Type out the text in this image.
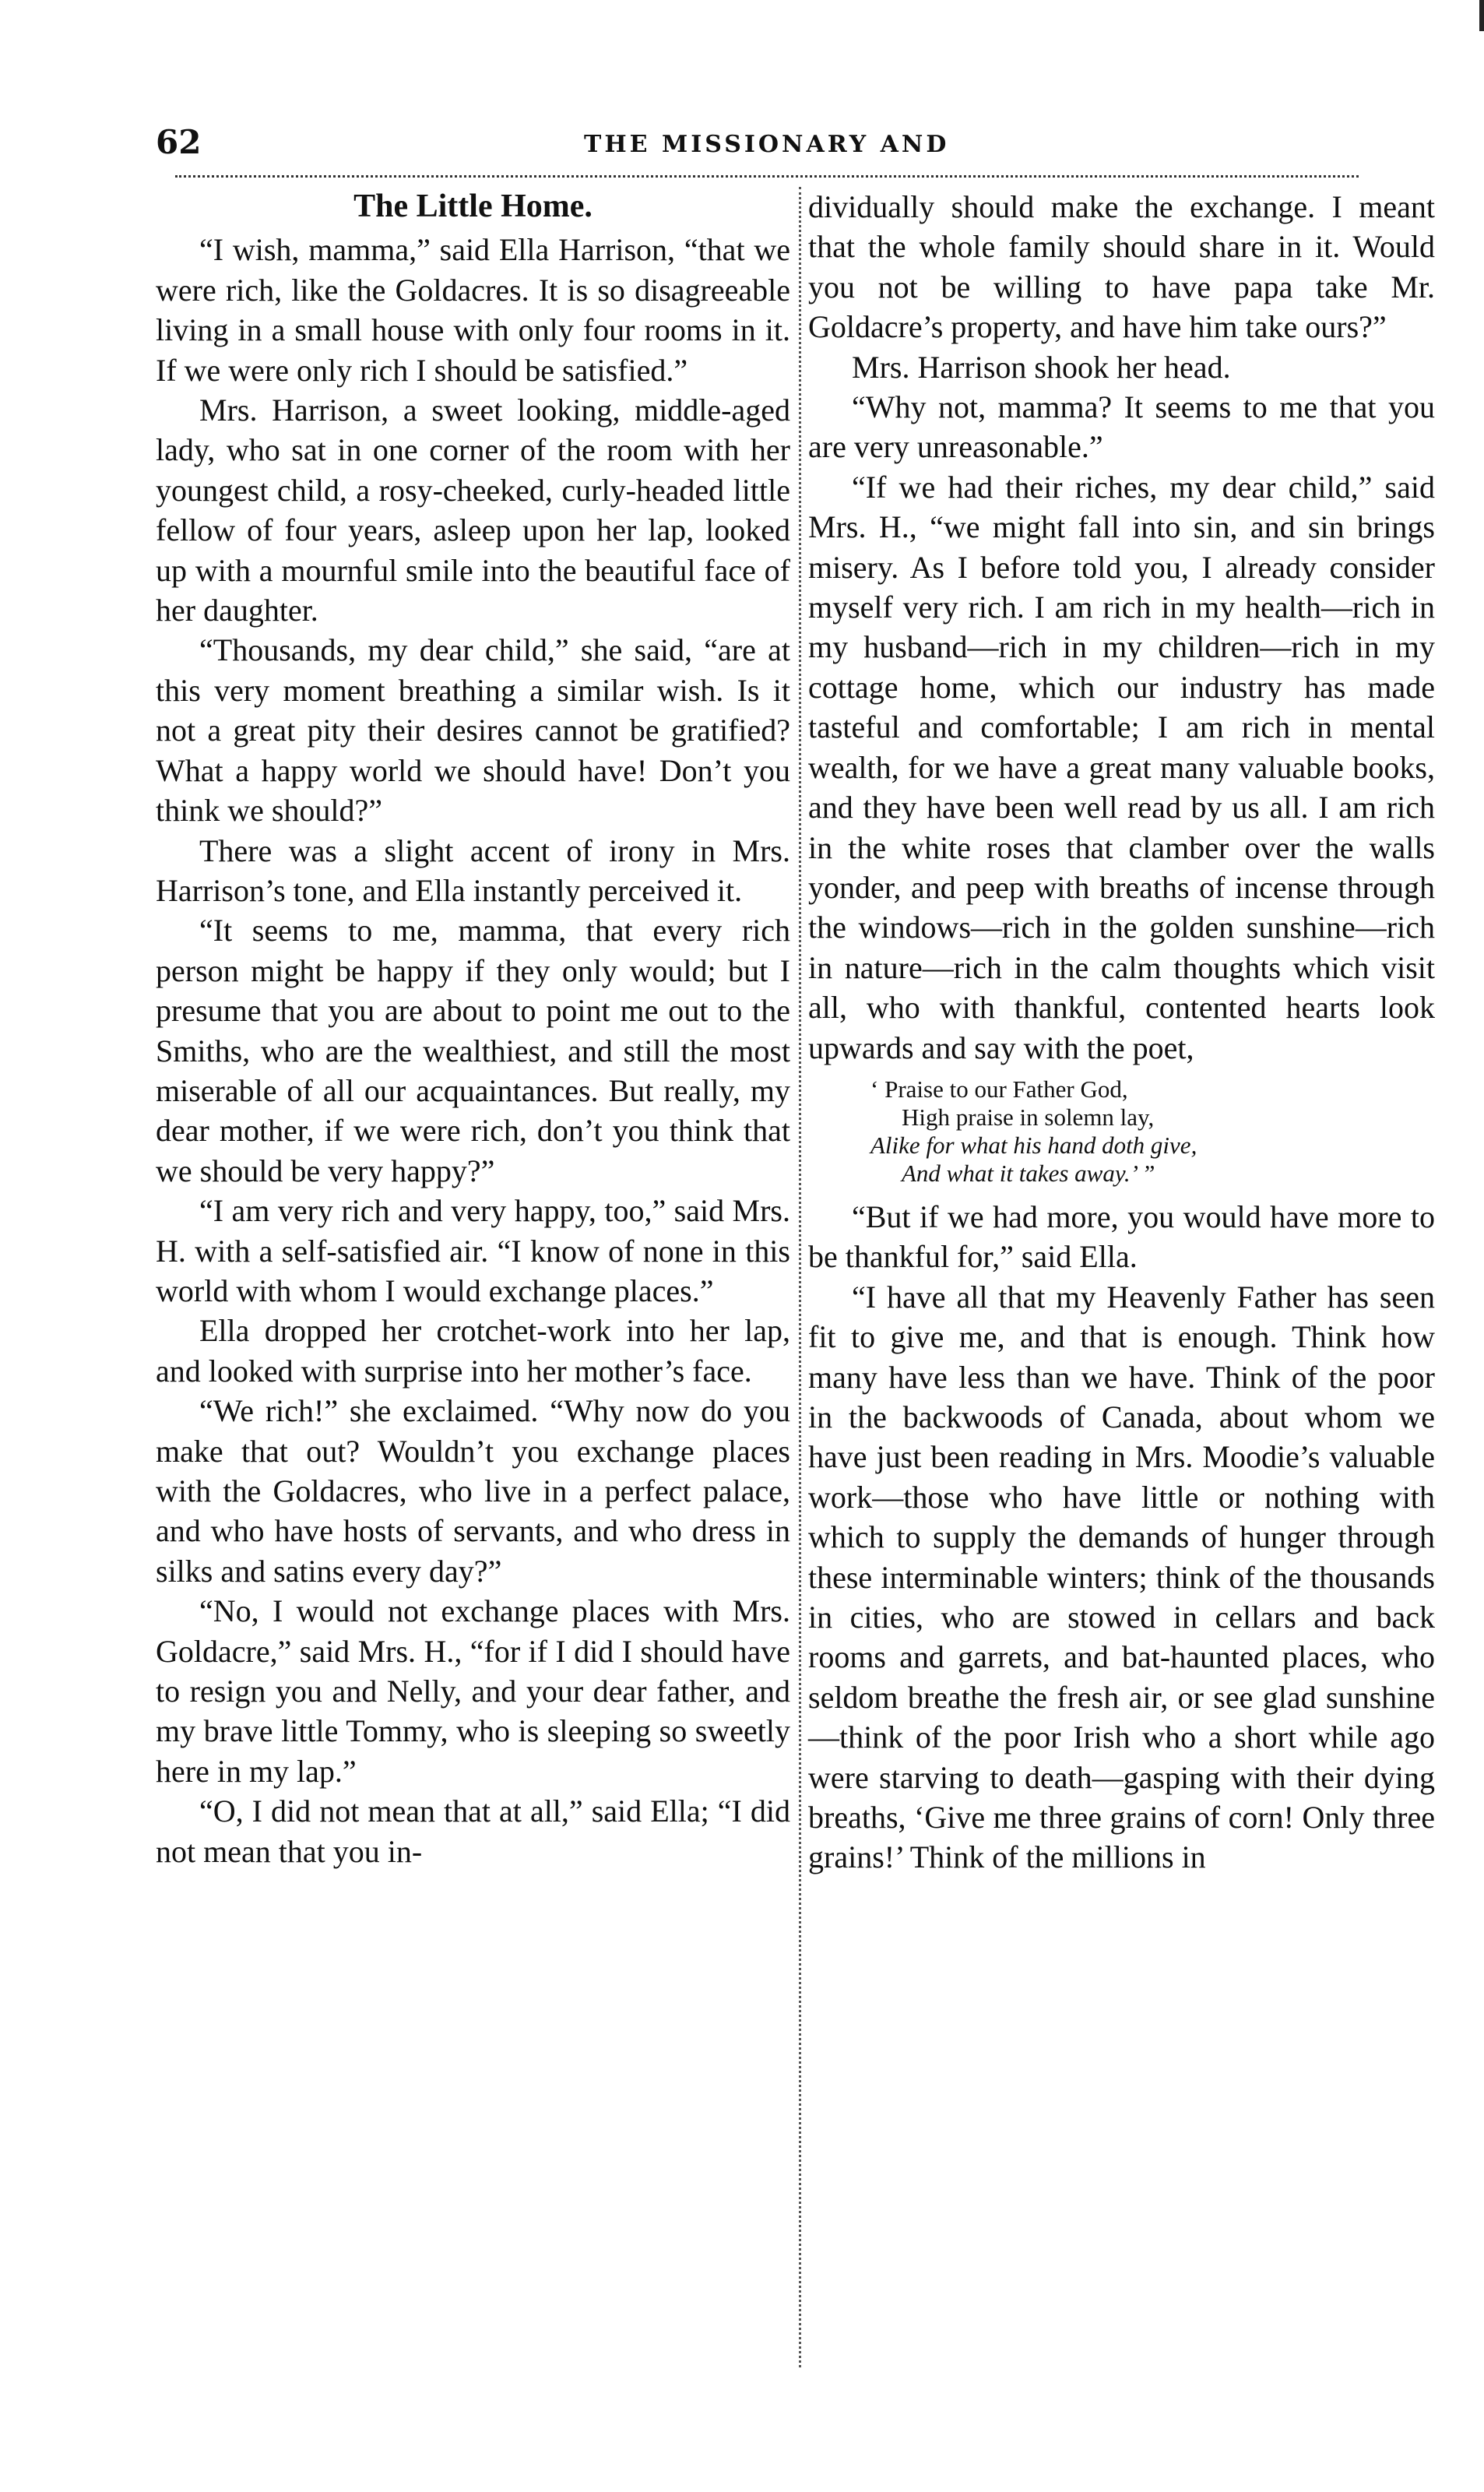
62	THE MISSIONARY AND
The Little Home.

“I wish, mamma,” said Ella Harrison, “that we were rich, like the Goldacres. It is so disagreeable living in a small house with only four rooms in it. If we were only rich I should be satisfied.”

Mrs. Harrison, a sweet looking, middle-aged lady, who sat in one corner of the room with her youngest child, a rosy-cheeked, curly-headed little fellow of four years, asleep upon her lap, looked up with a mournful smile into the beautiful face of her daughter.

“Thousands, my dear child,” she said, “are at this very moment breathing a similar wish. Is it not a great pity their desires cannot be gratified? What a happy world we should have! Don’t you think we should?”

There was a slight accent of irony in Mrs. Harrison’s tone, and Ella instantly perceived it.

“It seems to me, mamma, that every rich person might be happy if they only would; but I presume that you are about to point me out to the Smiths, who are the wealthiest, and still the most miserable of all our acquaintances. But really, my dear mother, if we were rich, don’t you think that we should be very happy?”

“I am very rich and very happy, too,” said Mrs. H. with a self-satisfied air. “I know of none in this world with whom I would exchange places.”

Ella dropped her crotchet-work into her lap, and looked with surprise into her mother’s face.

“We rich!” she exclaimed. “Why now do you make that out? Wouldn’t you exchange places with the Goldacres, who live in a perfect palace, and who have hosts of servants, and who dress in silks and satins every day?”

“No, I would not exchange places with Mrs. Goldacre,” said Mrs. H., “for if I did I should have to resign you and Nelly, and your dear father, and my brave little Tommy, who is sleeping so sweetly here in my lap.”

“O, I did not mean that at all,” said Ella; “I did not mean that you in-

dividually should make the exchange. I meant that the whole family should share in it. Would you not be willing to have papa take Mr. Goldacre’s property, and have him take ours?”

Mrs. Harrison shook her head.

“Why not, mamma? It seems to me that you are very unreasonable.”

“If we had their riches, my dear child,” said Mrs. H., “we might fall into sin, and sin brings misery. As I before told you, I already consider myself very rich. I am rich in my health—rich in my husband—rich in my children—rich in my cottage home, which our industry has made tasteful and comfortable; I am rich in mental wealth, for we have a great many valuable books, and they have been well read by us all. I am rich in the white roses that clamber over the walls yonder, and peep with breaths of incense through the windows—rich in the golden sunshine—rich in nature—rich in the calm thoughts which visit all, who with thankful, contented hearts look upwards and say with the poet,

‘ Praise to our Father God,
High praise in solemn lay,
Alike for what his hand doth give,
And what it takes away.’ ”

“But if we had more, you would have more to be thankful for,” said Ella.

“I have all that my Heavenly Father has seen fit to give me, and that is enough. Think how many have less than we have. Think of the poor in the backwoods of Canada, about whom we have just been reading in Mrs. Moodie’s valuable work—those who have little or nothing with which to supply the demands of hunger through these interminable winters; think of the thousands in cities, who are stowed in cellars and back rooms and garrets, and bat-haunted places, who seldom breathe the fresh air, or see glad sunshine—think of the poor Irish who a short while ago were starving to death—gasping with their dying breaths, ‘Give me three grains of corn! Only three grains!’ Think of the millions in
